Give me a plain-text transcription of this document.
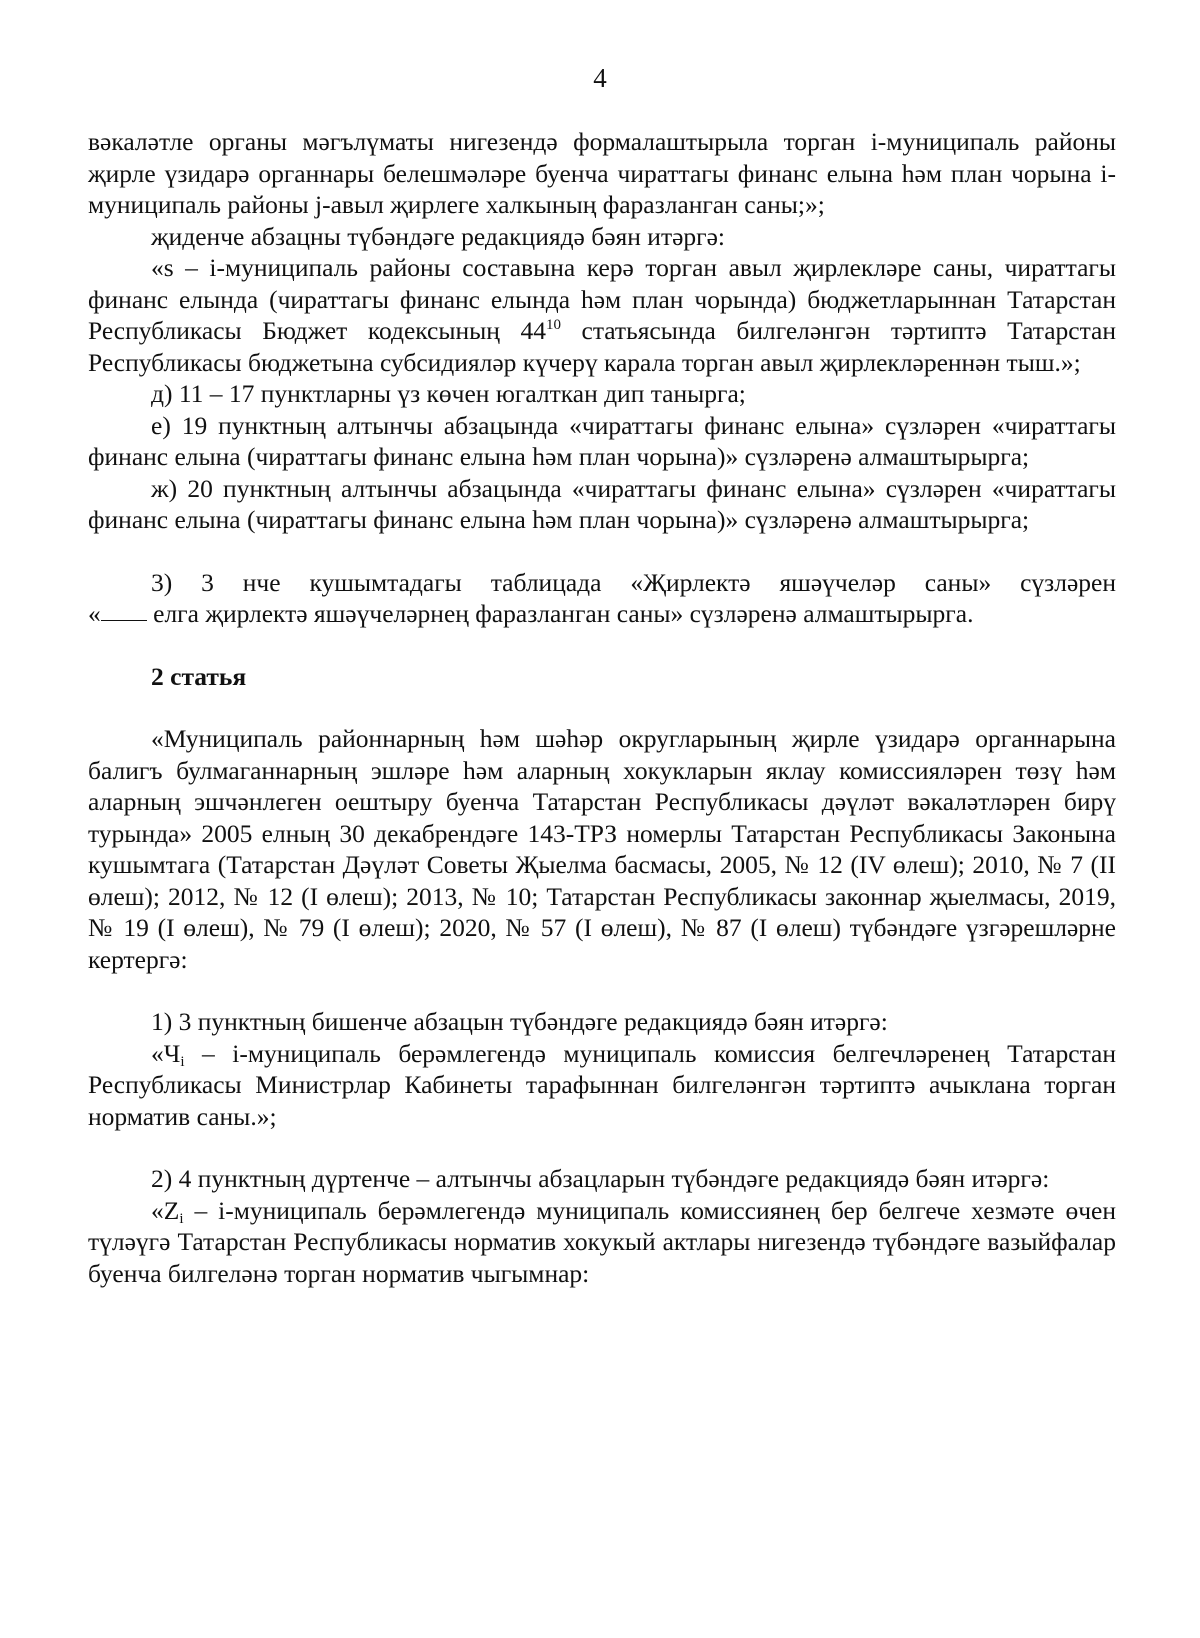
4

вәкаләтле органы мәгълүматы нигезендә формалаштырыла торган i-муниципаль районы җирле үзидарә органнары белешмәләре буенча чираттагы финанс елына һәм план чорына i-муниципаль районы j-авыл җирлеге халкының фаразланган саны;»;

җиденче абзацны түбәндәге редакциядә бәян итәргә:

«s – i-муниципаль районы составына керә торган авыл җирлекләре саны, чираттагы финанс елында (чираттагы финанс елында һәм план чорында) бюджетларыннан Татарстан Республикасы Бюджет кодексының $44^{10}$ статьясында билгеләнгән тәртиптә Татарстан Республикасы бюджетына субсидияләр күчерү карала торган авыл җирлекләреннән тыш.»;

д) 11 – 17 пунктларны үз көчен югалткан дип танырга;

е) 19 пунктның алтынчы абзацында «чираттагы финанс елына» сүзләрен «чираттагы финанс елына (чираттагы финанс елына һәм план чорына)» сүзләренә алмаштырырга;

ж) 20 пунктның алтынчы абзацында «чираттагы финанс елына» сүзләрен «чираттагы финанс елына (чираттагы финанс елына һәм план чорына)» сүзләренә алмаштырырга;

3) 3 нче кушымтадагы таблицада «Җирлектә яшәүчеләр саны» сүзләрен

« елга җирлектә яшәүчеләрнең фаразланган саны» сүзләренә алмаштырырга.

2 статья

«Муниципаль районнарның һәм шәһәр округларының җирле үзидарә органнарына балигъ булмаганнарның эшләре һәм аларның хокукларын яклау комиссияләрен төзү һәм аларның эшчәнлеген оештыру буенча Татарстан Республикасы дәүләт вәкаләтләрен бирү турында» 2005 елның 30 декабрендәге 143-ТРЗ номерлы Татарстан Республикасы Законына кушымтага (Татарстан Дәүләт Советы Җыелма басмасы, 2005, № 12 (IV өлеш); 2010, № 7 (II өлеш); 2012, № 12 (I өлеш); 2013, № 10; Татарстан Республикасы законнар җыелмасы, 2019, № 19 (I өлеш), № 79 (I өлеш); 2020, № 57 (I өлеш), № 87 (I өлеш) түбәндәге үзгәрешләрне кертергә:

1) 3 пунктның бишенче абзацын түбәндәге редакциядә бәян итәргә:

«$Ч_i$ – i-муниципаль берәмлегендә муниципаль комиссия белгечләренең Татарстан Республикасы Министрлар Кабинеты тарафыннан билгеләнгән тәртиптә ачыклана торган норматив саны.»;

2) 4 пунктның дүртенче – алтынчы абзацларын түбәндәге редакциядә бәян итәргә:

«$Z_i$ – i-муниципаль берәмлегендә муниципаль комиссиянең бер белгече хезмәте өчен түләүгә Татарстан Республикасы норматив хокукый актлары нигезендә түбәндәге вазыйфалар буенча билгеләнә торган норматив чыгымнар:
